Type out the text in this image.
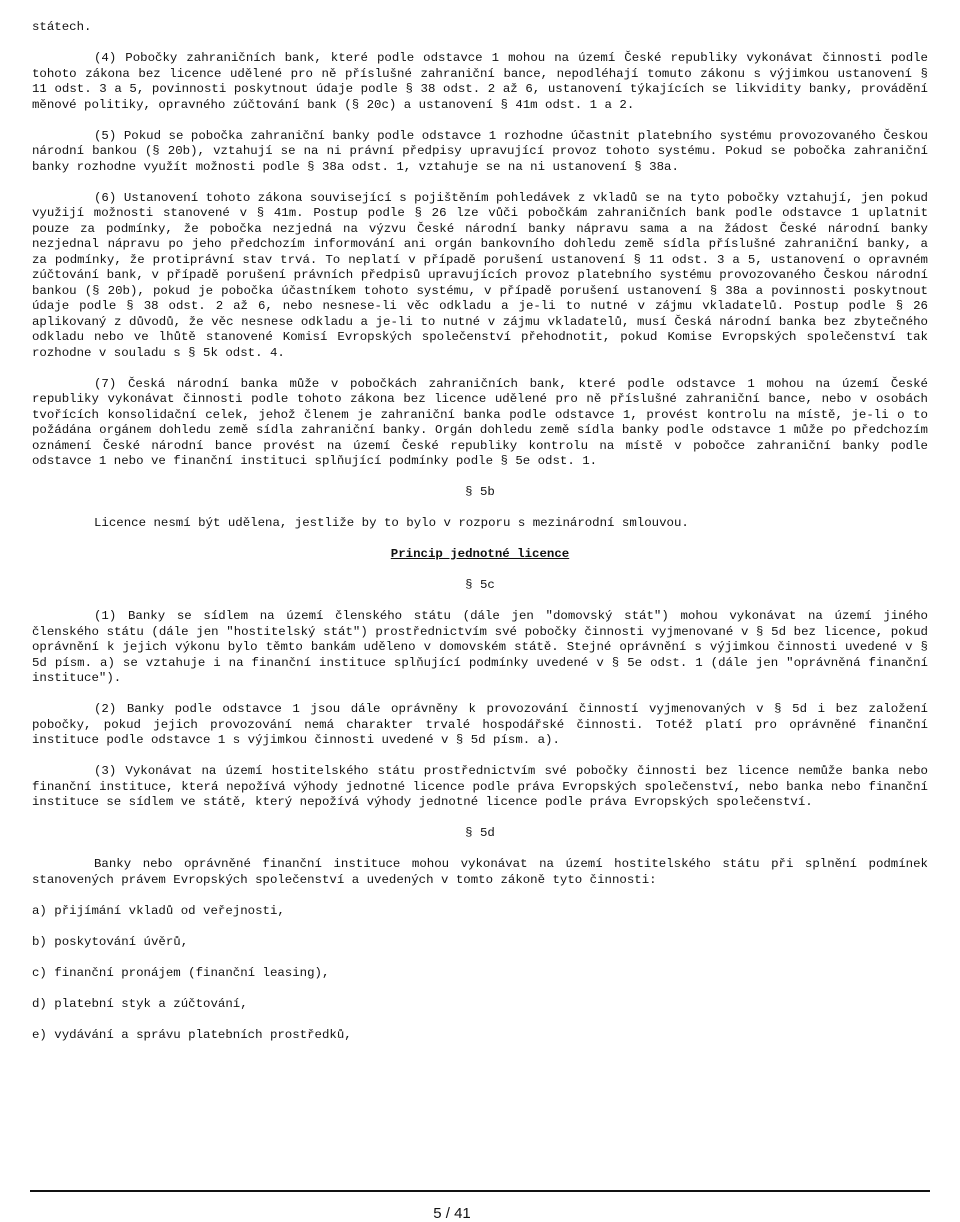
státech.

(4) Pobočky zahraničních bank, které podle odstavce 1 mohou na území České republiky vykonávat činnosti podle tohoto zákona bez licence udělené pro ně příslušné zahraniční bance, nepodléhají tomuto zákonu s výjimkou ustanovení § 11 odst. 3 a 5, povinnosti poskytnout údaje podle § 38 odst. 2 až 6, ustanovení týkajících se likvidity banky, provádění měnové politiky, opravného zúčtování bank (§ 20c) a ustanovení § 41m odst. 1 a 2.

(5) Pokud se pobočka zahraniční banky podle odstavce 1 rozhodne účastnit platebního systému provozovaného Českou národní bankou (§ 20b), vztahují se na ni právní předpisy upravující provoz tohoto systému. Pokud se pobočka zahraniční banky rozhodne využít možnosti podle § 38a odst. 1, vztahuje se na ni ustanovení § 38a.

(6) Ustanovení tohoto zákona související s pojištěním pohledávek z vkladů se na tyto pobočky vztahují, jen pokud využijí možnosti stanovené v § 41m. Postup podle § 26 lze vůči pobočkám zahraničních bank podle odstavce 1 uplatnit pouze za podmínky, že pobočka nezjedná na výzvu České národní banky nápravu sama a na žádost České národní banky nezjednal nápravu po jeho předchozím informování ani orgán bankovního dohledu země sídla příslušné zahraniční banky, a za podmínky, že protiprávní stav trvá. To neplatí v případě porušení ustanovení § 11 odst. 3 a 5, ustanovení o opravném zúčtování bank, v případě porušení právních předpisů upravujících provoz platebního systému provozovaného Českou národní bankou (§ 20b), pokud je pobočka účastníkem tohoto systému, v případě porušení ustanovení § 38a a povinnosti poskytnout údaje podle § 38 odst. 2 až 6, nebo nesnese-li věc odkladu a je-li to nutné v zájmu vkladatelů. Postup podle § 26 aplikovaný z důvodů, že věc nesnese odkladu a je-li to nutné v zájmu vkladatelů, musí Česká národní banka bez zbytečného odkladu nebo ve lhůtě stanovené Komisí Evropských společenství přehodnotit, pokud Komise Evropských společenství tak rozhodne v souladu s § 5k odst. 4.

(7) Česká národní banka může v pobočkách zahraničních bank, které podle odstavce 1 mohou na území České republiky vykonávat činnosti podle tohoto zákona bez licence udělené pro ně příslušné zahraniční bance, nebo v osobách tvořících konsolidační celek, jehož členem je zahraniční banka podle odstavce 1, provést kontrolu na místě, je-li o to požádána orgánem dohledu země sídla zahraniční banky. Orgán dohledu země sídla banky podle odstavce 1 může po předchozím oznámení České národní bance provést na území České republiky kontrolu na místě v pobočce zahraniční banky podle odstavce 1 nebo ve finanční instituci splňující podmínky podle § 5e odst. 1.

§ 5b

Licence nesmí být udělena, jestliže by to bylo v rozporu s mezinárodní smlouvou.

Princip jednotné licence

§ 5c

(1) Banky se sídlem na území členského státu (dále jen "domovský stát") mohou vykonávat na území jiného členského státu (dále jen "hostitelský stát") prostřednictvím své pobočky činnosti vyjmenované v § 5d bez licence, pokud oprávnění k jejich výkonu bylo těmto bankám uděleno v domovském státě. Stejné oprávnění s výjimkou činnosti uvedené v § 5d písm. a) se vztahuje i na finanční instituce splňující podmínky uvedené v § 5e odst. 1 (dále jen "oprávněná finanční instituce").

(2) Banky podle odstavce 1 jsou dále oprávněny k provozování činností vyjmenovaných v § 5d i bez založení pobočky, pokud jejich provozování nemá charakter trvalé hospodářské činnosti. Totéž platí pro oprávněné finanční instituce podle odstavce 1 s výjimkou činnosti uvedené v § 5d písm. a).

(3) Vykonávat na území hostitelského státu prostřednictvím své pobočky činnosti bez licence nemůže banka nebo finanční instituce, která nepožívá výhody jednotné licence podle práva Evropských společenství, nebo banka nebo finanční instituce se sídlem ve státě, který nepožívá výhody jednotné licence podle práva Evropských společenství.

§ 5d

Banky nebo oprávněné finanční instituce mohou vykonávat na území hostitelského státu při splnění podmínek stanovených právem Evropských společenství a uvedených v tomto zákoně tyto činnosti:

a) přijímání vkladů od veřejnosti,

b) poskytování úvěrů,

c) finanční pronájem (finanční leasing),

d) platební styk a zúčtování,

e) vydávání a správu platebních prostředků,

5 / 41
